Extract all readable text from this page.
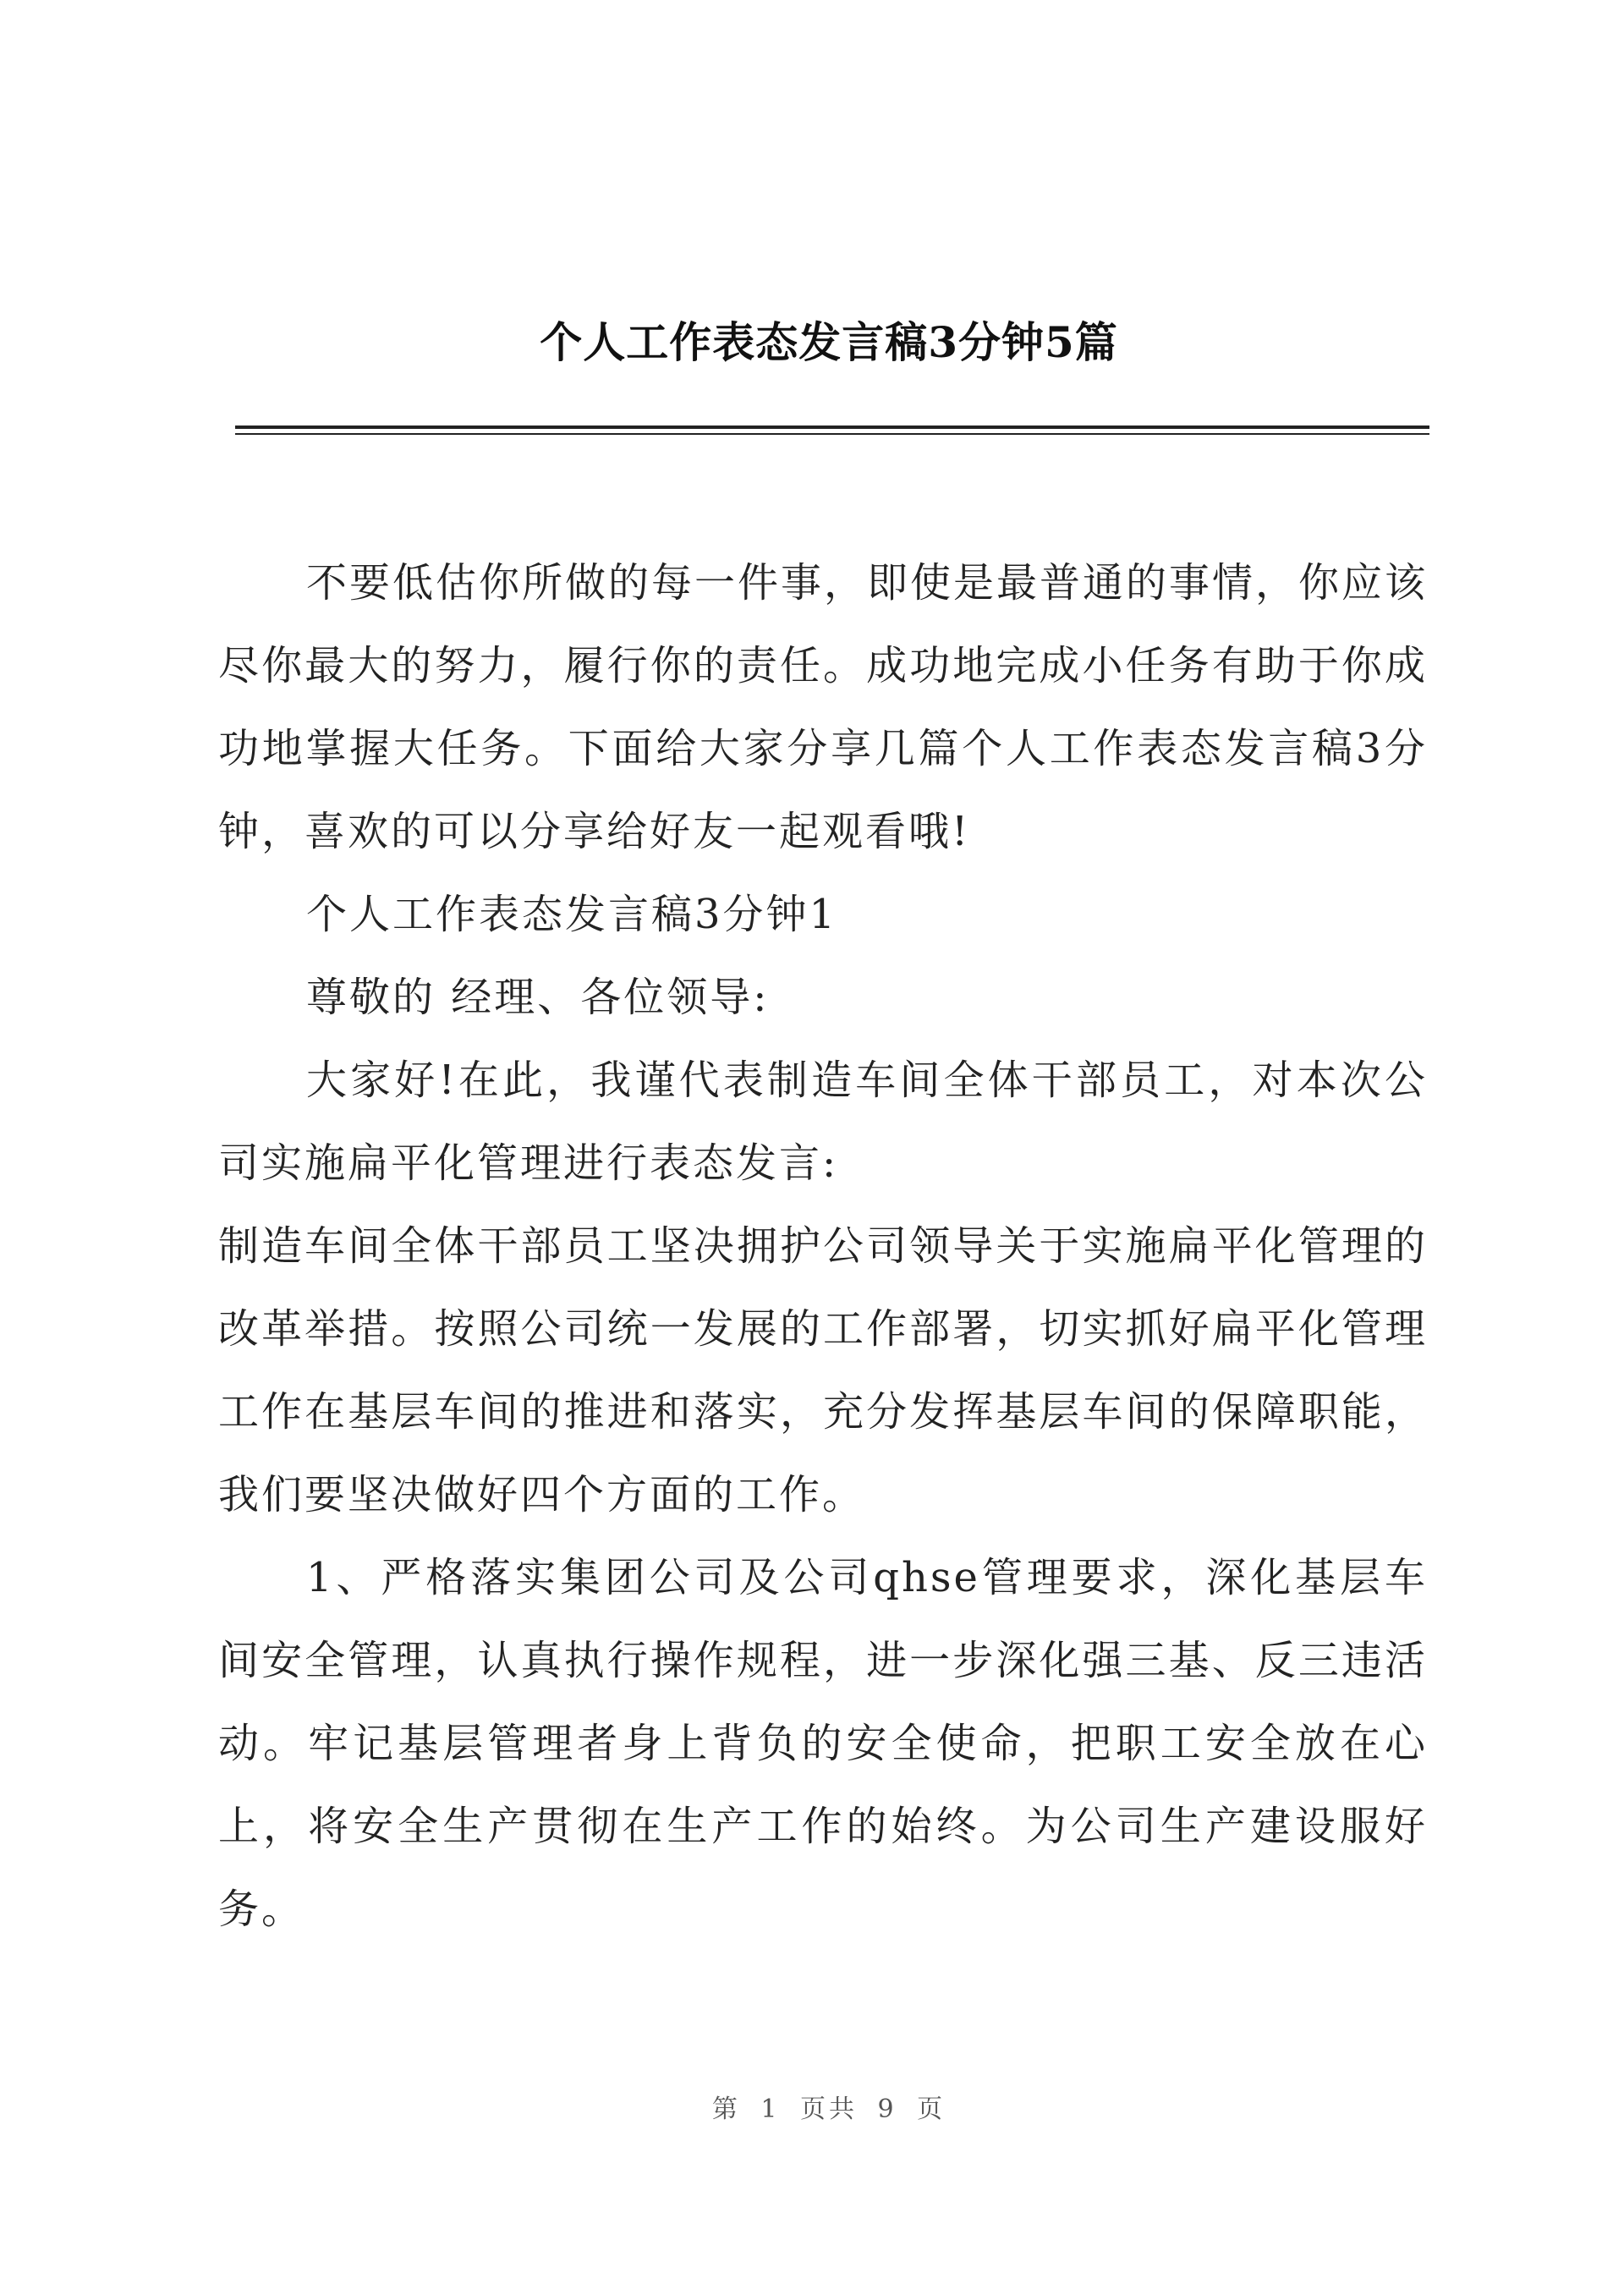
个人工作表态发言稿3分钟5篇

不要低估你所做的每一件事，即使是最普通的事情，你应该尽你最大的努力，履行你的责任。成功地完成小任务有助于你成功地掌握大任务。下面给大家分享几篇个人工作表态发言稿3分钟，喜欢的可以分享给好友一起观看哦!

个人工作表态发言稿3分钟1

尊敬的 经理、各位领导:

大家好!在此，我谨代表制造车间全体干部员工，对本次公司实施扁平化管理进行表态发言:

制造车间全体干部员工坚决拥护公司领导关于实施扁平化管理的改革举措。按照公司统一发展的工作部署，切实抓好扁平化管理工作在基层车间的推进和落实，充分发挥基层车间的保障职能，我们要坚决做好四个方面的工作。

1、严格落实集团公司及公司qhse管理要求，深化基层车间安全管理，认真执行操作规程，进一步深化强三基、反三违活动。牢记基层管理者身上背负的安全使命，把职工安全放在心上，将安全生产贯彻在生产工作的始终。为公司生产建设服好务。

第 1 页共 9 页
